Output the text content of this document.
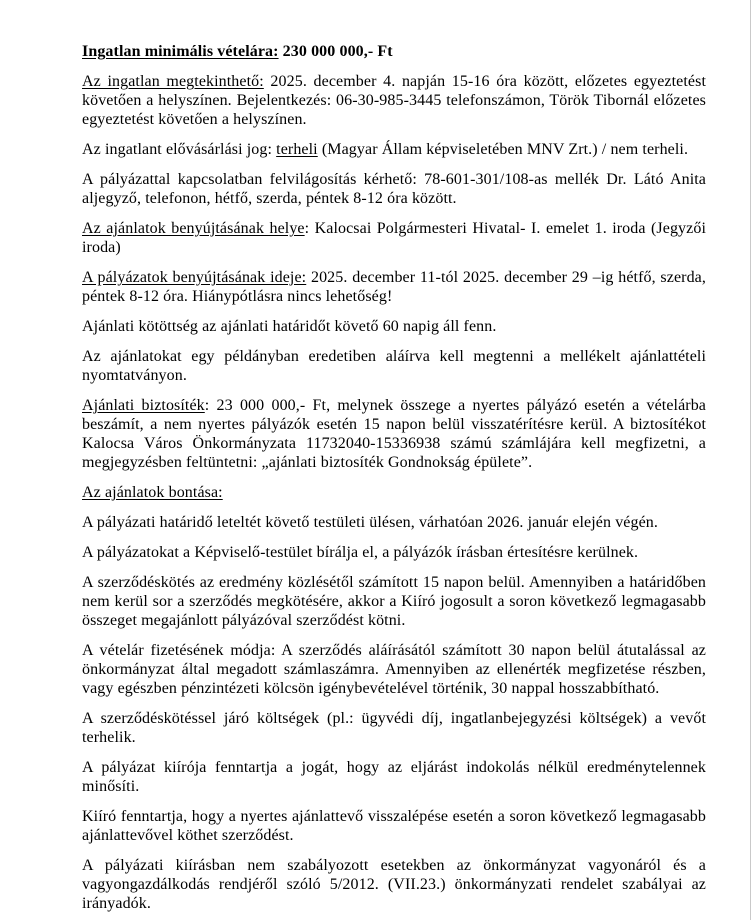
Ingatlan minimális vételára: 230 000 000,- Ft

Az ingatlan megtekinthető: 2025. december 4. napján 15-16 óra között, előzetes egyeztetést követően a helyszínen. Bejelentkezés: 06-30-985-3445 telefonszámon, Török Tibornál előzetes egyeztetést követően a helyszínen.

Az ingatlant elővásárlási jog: terheli (Magyar Állam képviseletében MNV Zrt.) / nem terheli.

A pályázattal kapcsolatban felvilágosítás kérhető: 78-601-301/108-as mellék Dr. Látó Anita aljegyző, telefonon, hétfő, szerda, péntek 8-12 óra között.

Az ajánlatok benyújtásának helye: Kalocsai Polgármesteri Hivatal- I. emelet 1. iroda (Jegyzői iroda)

A pályázatok benyújtásának ideje: 2025. december 11-tól 2025. december 29 –ig hétfő, szerda, péntek 8-12 óra. Hiánypótlásra nincs lehetőség!

Ajánlati kötöttség az ajánlati határidőt követő 60 napig áll fenn.

Az ajánlatokat egy példányban eredetiben aláírva kell megtenni a mellékelt ajánlattételi nyomtatványon.

Ajánlati biztosíték: 23 000 000,- Ft, melynek összege a nyertes pályázó esetén a vételárba beszámít, a nem nyertes pályázók esetén 15 napon belül visszatérítésre kerül. A biztosítékot Kalocsa Város Önkormányzata 11732040-15336938 számú számlájára kell megfizetni, a megjegyzésben feltüntetni: „ajánlati biztosíték Gondnokság épülete”.

Az ajánlatok bontása:

A pályázati határidő leteltét követő testületi ülésen, várhatóan 2026. január elején végén.

A pályázatokat a Képviselő-testület bírálja el, a pályázók írásban értesítésre kerülnek.

A szerződéskötés az eredmény közlésétől számított 15 napon belül. Amennyiben a határidőben nem kerül sor a szerződés megkötésére, akkor a Kiíró jogosult a soron következő legmagasabb összeget megajánlott pályázóval szerződést kötni.

A vételár fizetésének módja: A szerződés aláírásától számított 30 napon belül átutalással az önkormányzat által megadott számlaszámra. Amennyiben az ellenérték megfizetése részben, vagy egészben pénzintézeti kölcsön igénybevételével történik, 30 nappal hosszabbítható.

A szerződéskötéssel járó költségek (pl.: ügyvédi díj, ingatlanbejegyzési költségek) a vevőt terhelik.

A pályázat kiírója fenntartja a jogát, hogy az eljárást indokolás nélkül eredménytelennek minősíti.

Kiíró fenntartja, hogy a nyertes ajánlattevő visszalépése esetén a soron következő legmagasabb ajánlattevővel köthet szerződést.

A pályázati kiírásban nem szabályozott esetekben az önkormányzat vagyonáról és a vagyongazdálkodás rendjéről szóló 5/2012. (VII.23.) önkormányzati rendelet szabályai az irányadók.
